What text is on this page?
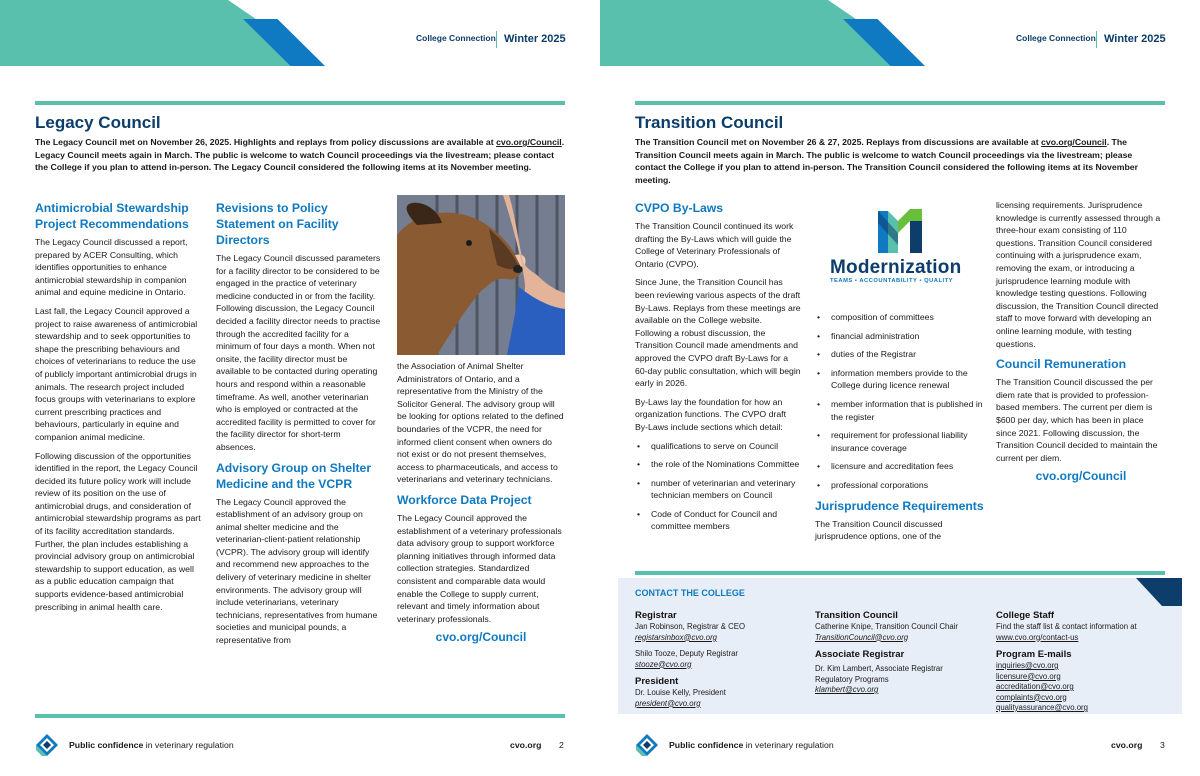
College Connection Winter 2025
Legacy Council
The Legacy Council met on November 26, 2025. Highlights and replays from policy discussions are available at cvo.org/Council. Legacy Council meets again in March. The public is welcome to watch Council proceedings via the livestream; please contact the College if you plan to attend in-person. The Legacy Council considered the following items at its November meeting.
Antimicrobial Stewardship Project Recommendations

The Legacy Council discussed a report, prepared by ACER Consulting, which identifies opportunities to enhance antimicrobial stewardship in companion animal and equine medicine in Ontario.

Last fall, the Legacy Council approved a project to raise awareness of antimicrobial stewardship and to seek opportunities to shape the prescribing behaviours and choices of veterinarians to reduce the use of publicly important antimicrobial drugs in animals. The research project included focus groups with veterinarians to explore current prescribing practices and behaviours, particularly in equine and companion animal medicine.

Following discussion of the opportunities identified in the report, the Legacy Council decided its future policy work will include review of its position on the use of antimicrobial drugs, and consideration of antimicrobial stewardship programs as part of its facility accreditation standards. Further, the plan includes establishing a provincial advisory group on antimicrobial stewardship to support education, as well as a public education campaign that supports evidence-based antimicrobial prescribing in animal health care.

Revisions to Policy Statement on Facility Directors

The Legacy Council discussed parameters for a facility director to be considered to be engaged in the practice of veterinary medicine conducted in or from the facility. Following discussion, the Legacy Council decided a facility director needs to practise through the accredited facility for a minimum of four days a month. When not onsite, the facility director must be available to be contacted during operating hours and respond within a reasonable timeframe. As well, another veterinarian who is employed or contracted at the accredited facility is permitted to cover for the facility director for short-term absences.

Advisory Group on Shelter Medicine and the VCPR

The Legacy Council approved the establishment of an advisory group on animal shelter medicine and the veterinarian-client-patient relationship (VCPR). The advisory group will identify and recommend new approaches to the delivery of veterinary medicine in shelter environments. The advisory group will include veterinarians, veterinary technicians, representatives from humane societies and municipal pounds, a representative from

the Association of Animal Shelter Administrators of Ontario, and a representative from the Ministry of the Solicitor General. The advisory group will be looking for options related to the defined boundaries of the VCPR, the need for informed client consent when owners do not exist or do not present themselves, access to pharmaceuticals, and access to veterinarians and veterinary technicians.

Workforce Data Project

The Legacy Council approved the establishment of a veterinary professionals data advisory group to support workforce planning initiatives through informed data collection strategies. Standardized consistent and comparable data would enable the College to supply current, relevant and timely information about veterinary professionals.

cvo.org/Council
Public confidence in veterinary regulation	cvo.org 2
College Connection Winter 2025
Transition Council
The Transition Council met on November 26 & 27, 2025. Replays from discussions are available at cvo.org/Council. The Transition Council meets again in March. The public is welcome to watch Council proceedings via the livestream; please contact the College if you plan to attend in-person. The Transition Council considered the following items at its November meeting.
CVPO By-Laws

The Transition Council continued its work drafting the By-Laws which will guide the College of Veterinary Professionals of Ontario (CVPO).

Since June, the Transition Council has been reviewing various aspects of the draft By-Laws. Replays from these meetings are available on the College website. Following a robust discussion, the Transition Council made amendments and approved the CVPO draft By-Laws for a 60-day public consultation, which will begin early in 2026.

By-Laws lay the foundation for how an organization functions. The CVPO draft By-Laws include sections which detail:

• qualifications to serve on Council
• the role of the Nominations Committee
• number of veterinarian and veterinary technician members on Council
• Code of Conduct for Council and committee members
• composition of committees
• financial administration
• duties of the Registrar
• information members provide to the College during licence renewal
• member information that is published in the register
• requirement for professional liability insurance coverage
• licensure and accreditation fees
• professional corporations
Jurisprudence Requirements

The Transition Council discussed jurisprudence options, one of the

licensing requirements. Jurisprudence knowledge is currently assessed through a three-hour exam consisting of 110 questions. Transition Council considered continuing with a jurisprudence exam, removing the exam, or introducing a jurisprudence learning module with knowledge testing questions. Following discussion, the Transition Council directed staff to move forward with developing an online learning module, with testing questions.

Council Remuneration

The Transition Council discussed the per diem rate that is provided to profession-based members. The current per diem is $600 per day, which has been in place since 2021. Following discussion, the Transition Council decided to maintain the current per diem.

cvo.org/Council
Public confidence in veterinary regulation	cvo.org 3
Modernization
TEAMS • ACCOUNTABILITY • QUALITY
CONTACT THE COLLEGE
Registrar
Jan Robinson, Registrar & CEO
registarsinbox@cvo.org
Shilo Tooze, Deputy Registrar
stooze@cvo.org
President
Dr. Louise Kelly, President
president@cvo.org
Transition Council
Catherine Knipe, Transition Council Chair
TransitionCouncil@cvo.org
Associate Registrar
Dr. Kim Lambert, Associate Registrar
Regulatory Programs
klambert@cvo.org
College Staff
Find the staff list & contact information at
www.cvo.org/contact-us
Program E-mails
inquiries@cvo.org
licensure@cvo.org
accreditation@cvo.org
complaints@cvo.org
qualityassurance@cvo.org
